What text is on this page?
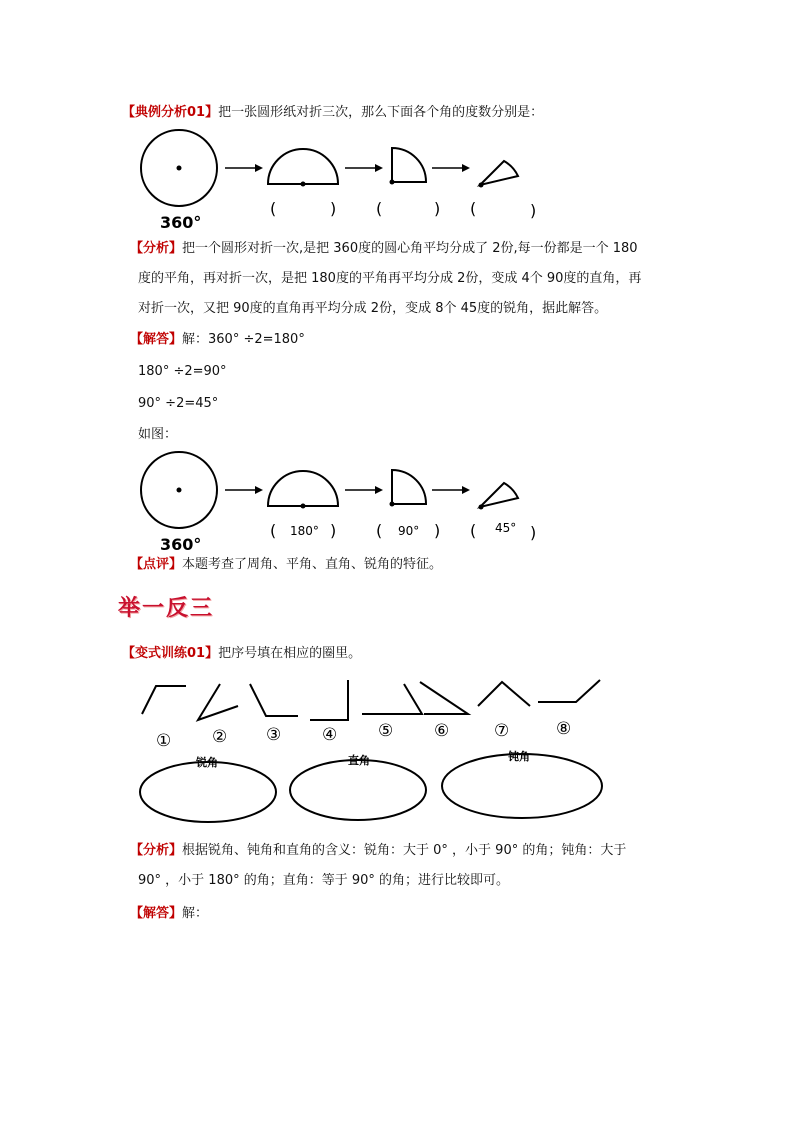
【典例分析01】把一张圆形纸对折三次，那么下面各个角的度数分别是：
360°
(	) (	) (	)
【分析】把一个圆形对折一次,是把 360度的圆心角平均分成了 2份,每一份都是一个 180
度的平角，再对折一次，是把 180度的平角再平均分成 2份，变成 4个 90度的直角，再
对折一次，又把 90度的直角再平均分成 2份，变成 8个 45度的锐角，据此解答。
【解答】解：360° ÷2=180°
180° ÷2=90°
90° ÷2=45°
如图：
360°
( 180° ) ( 90° ) ( 45° )
【点评】本题考查了周角、平角、直角、锐角的特征。
举一反三
【变式训练01】把序号填在相应的圈里。
① ② ③ ④ ⑤ ⑥	⑦	⑧
锐角	直角	钝角
【分析】根据锐角、钝角和直角的含义：锐角：大于 0° ，小于 90° 的角；钝角：大于
90° ，小于 180° 的角；直角：等于 90° 的角；进行比较即可。
【解答】解：
